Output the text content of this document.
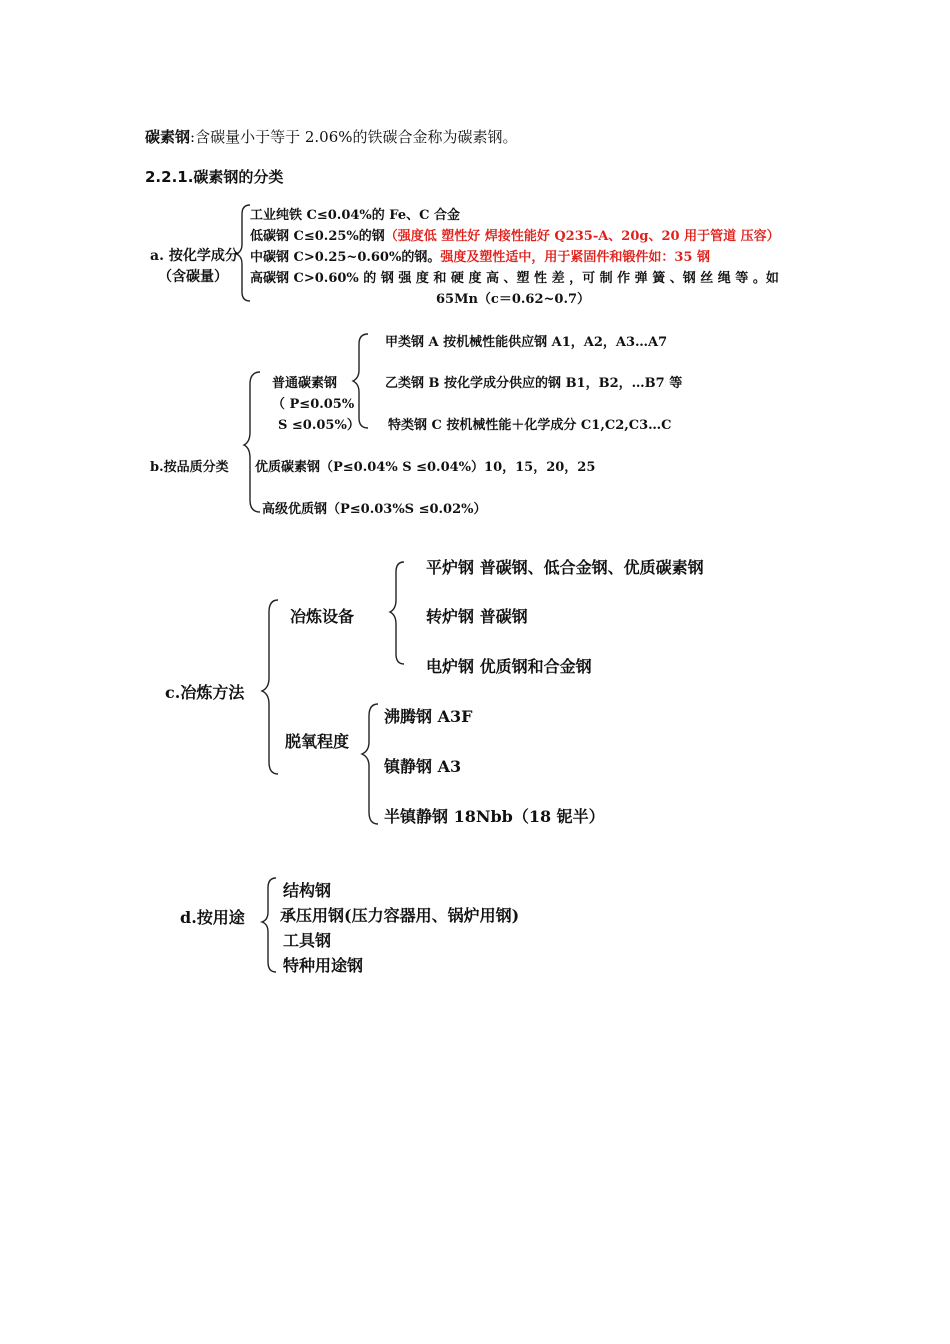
碳素钢:含碳量小于等于 2.06%的铁碳合金称为碳素钢。
2.2.1.碳素钢的分类
a. 按化学成分
（含碳量）
工业纯铁 C≤0.04%的 Fe、C 合金
低碳钢 C≤0.25%的钢（强度低 塑性好 焊接性能好 Q235-A、20g、20 用于管道 压容）
中碳钢 C>0.25~0.60%的钢。强度及塑性适中，用于紧固件和锻件如：35 钢
高碳钢 C>0.60% 的 钢 强 度 和 硬 度 高 、塑 性 差 ，可 制 作 弹 簧 、钢 丝 绳 等 。如
65Mn（c＝0.62~0.7）
b.按品质分类
普通碳素钢
（ P≤0.05%
S ≤0.05%）
甲类钢 A 按机械性能供应钢 A1，A2，A3…A7
乙类钢 B 按化学成分供应的钢 B1，B2，…B7 等
特类钢 C 按机械性能＋化学成分 C1,C2,C3…C
优质碳素钢（P≤0.04% S ≤0.04%）10，15，20，25
高级优质钢（P≤0.03%S ≤0.02%）
c.冶炼方法
冶炼设备
脱氧程度
平炉钢 普碳钢、低合金钢、优质碳素钢
转炉钢 普碳钢
电炉钢 优质钢和合金钢
沸腾钢 A3F
镇静钢 A3
半镇静钢 18Nbb（18 铌半）
d.按用途
结构钢
承压用钢(压力容器用、锅炉用钢)
工具钢
特种用途钢
